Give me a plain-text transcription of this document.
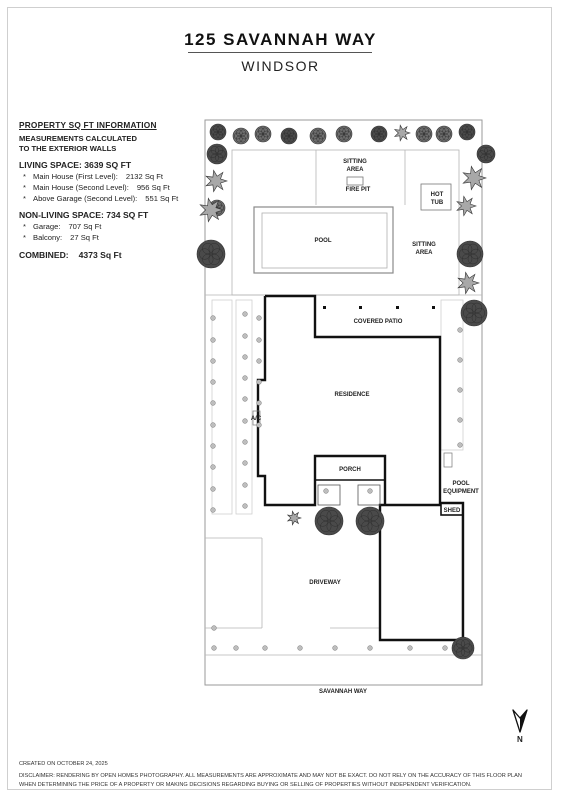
125 SAVANNAH WAY
WINDSOR
PROPERTY SQ FT INFORMATION
MEASUREMENTS CALCULATED
TO THE EXTERIOR WALLS
LIVING SPACE: 3639 SQ FT
* Main House (First Level): 2132 Sq Ft
* Main House (Second Level): 956 Sq Ft
* Above Garage (Second Level): 551 Sq Ft
NON-LIVING SPACE: 734 SQ FT
* Garage: 707 Sq Ft
* Balcony: 27 Sq Ft
COMBINED: 4373 Sq Ft
SITTING
AREA
FIRE PIT
HOT
TUB
POOL
SITTING
AREA
COVERED PATIO
RESIDENCE
A/C
PORCH
POOL
EQUIPMENT
SHED
DRIVEWAY
SAVANNAH WAY
N
CREATED ON OCTOBER 24, 2025
DISCLAIMER: RENDERING BY OPEN HOMES PHOTOGRAPHY. ALL MEASUREMENTS ARE APPROXIMATE AND MAY NOT BE EXACT. DO NOT RELY ON THE ACCURACY OF THIS FLOOR PLAN
WHEN DETERMINING THE PRICE OF A PROPERTY OR MAKING DECISIONS REGARDING BUYING OR SELLING OF PROPERTIES WITHOUT INDEPENDENT VERIFICATION.
